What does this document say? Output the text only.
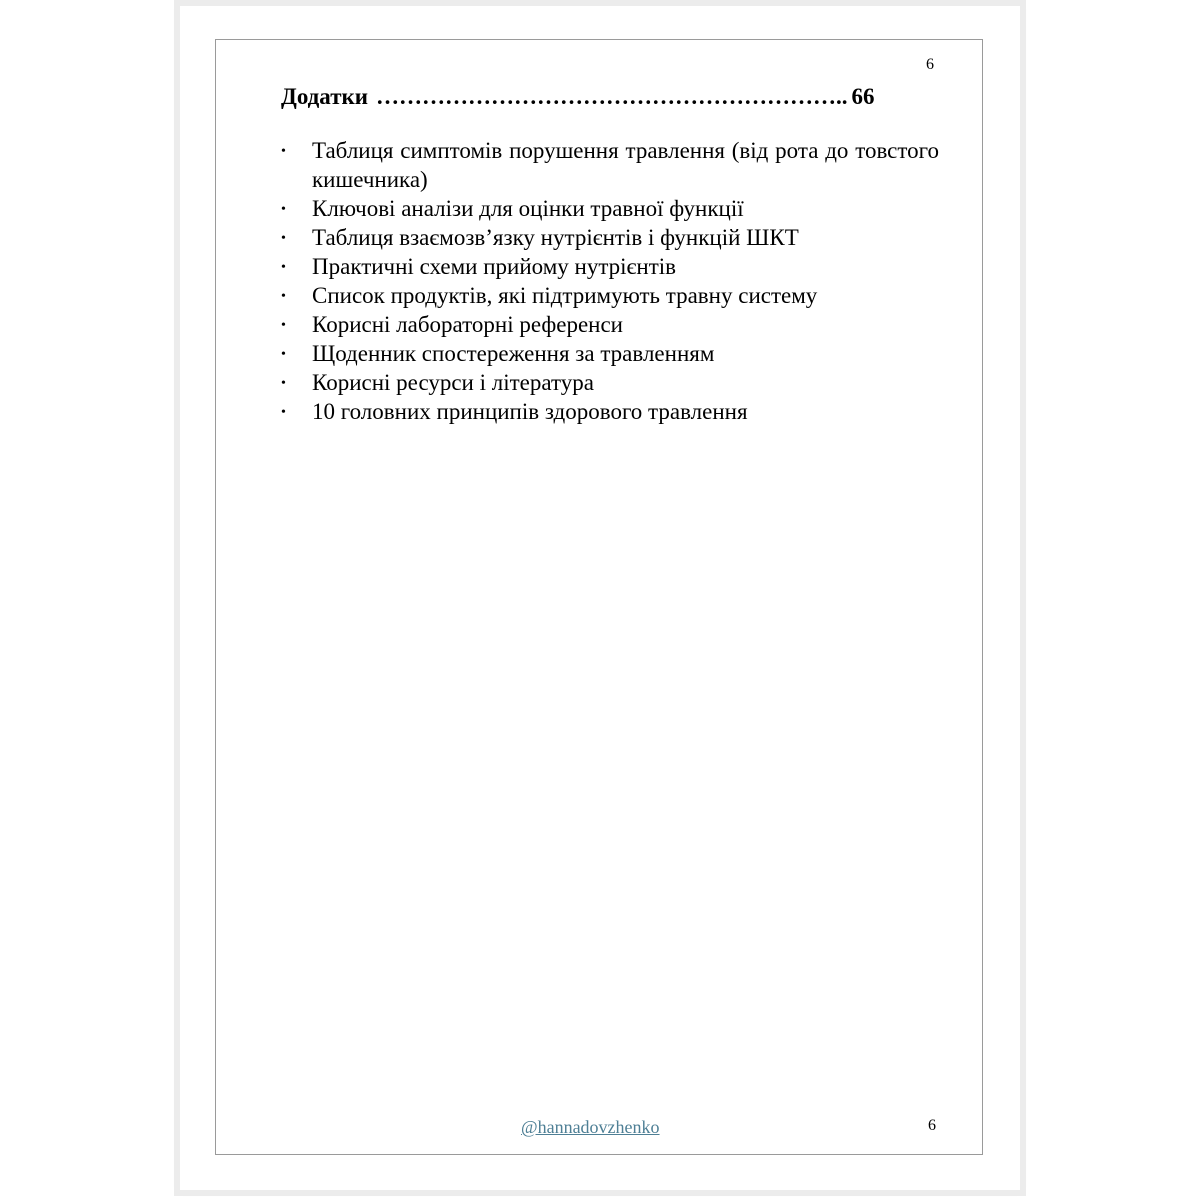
6
Додатки …………………………………………………….. 66
• Таблиця симптомів порушення травлення (від рота до товстого кишечника)
• Ключові аналізи для оцінки травної функції
• Таблиця взаємозв’язку нутрієнтів і функцій ШКТ
• Практичні схеми прийому нутрієнтів
• Список продуктів, які підтримують травну систему
• Корисні лабораторні референси
• Щоденник спостереження за травленням
• Корисні ресурси і література
• 10 головних принципів здорового травлення
@hannadovzhenko	6
